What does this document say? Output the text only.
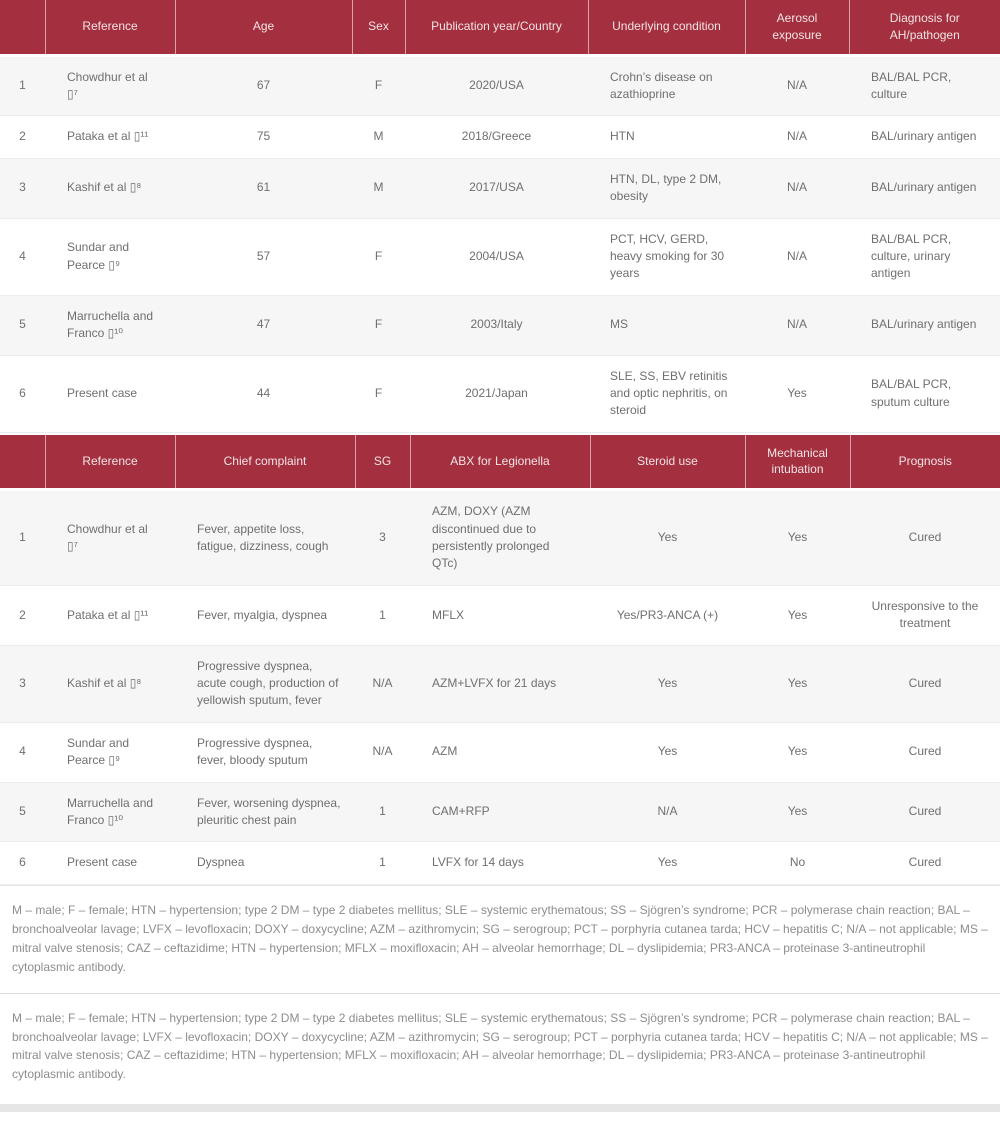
	Reference	Age	Sex	Publication year/Country	Underlying condition	Aerosol exposure	Diagnosis for AH/pathogen
1	Chowdhur et al ▯⁷	67	F	2020/USA	Crohn’s disease on azathioprine	N/A	BAL/BAL PCR, culture
2	Pataka et al ▯¹¹	75	M	2018/Greece	HTN	N/A	BAL/urinary antigen
3	Kashif et al ▯⁸	61	M	2017/USA	HTN, DL, type 2 DM, obesity	N/A	BAL/urinary antigen
4	Sundar and Pearce ▯⁹	57	F	2004/USA	PCT, HCV, GERD, heavy smoking for 30 years	N/A	BAL/BAL PCR, culture, urinary antigen
5	Marruchella and Franco ▯¹⁰	47	F	2003/Italy	MS	N/A	BAL/urinary antigen
6	Present case	44	F	2021/Japan	SLE, SS, EBV retinitis and optic nephritis, on steroid	Yes	BAL/BAL PCR, sputum culture
	Reference	Chief complaint	SG	ABX for Legionella	Steroid use	Mechanical intubation	Prognosis
1	Chowdhur et al ▯⁷	Fever, appetite loss, fatigue, dizziness, cough	3	AZM, DOXY (AZM discontinued due to persistently prolonged QTc)	Yes	Yes	Cured
2	Pataka et al ▯¹¹	Fever, myalgia, dyspnea	1	MFLX	Yes/PR3-ANCA (+)	Yes	Unresponsive to the treatment
3	Kashif et al ▯⁸	Progressive dyspnea, acute cough, production of yellowish sputum, fever	N/A	AZM+LVFX for 21 days	Yes	Yes	Cured
4	Sundar and Pearce ▯⁹	Progressive dyspnea, fever, bloody sputum	N/A	AZM	Yes	Yes	Cured
5	Marruchella and Franco ▯¹⁰	Fever, worsening dyspnea, pleuritic chest pain	1	CAM+RFP	N/A	Yes	Cured
6	Present case	Dyspnea	1	LVFX for 14 days	Yes	No	Cured

M – male; F – female; HTN – hypertension; type 2 DM – type 2 diabetes mellitus; SLE – systemic erythematous; SS – Sjögren’s syndrome; PCR – polymerase chain reaction; BAL – bronchoalveolar lavage; LVFX – levofloxacin; DOXY – doxycycline; AZM – azithromycin; SG – serogroup; PCT – porphyria cutanea tarda; HCV – hepatitis C; N/A – not applicable; MS – mitral valve stenosis; CAZ – ceftazidime; HTN – hypertension; MFLX – moxifloxacin; AH – alveolar hemorrhage; DL – dyslipidemia; PR3-ANCA – proteinase 3-antineutrophil cytoplasmic antibody.

M – male; F – female; HTN – hypertension; type 2 DM – type 2 diabetes mellitus; SLE – systemic erythematous; SS – Sjögren’s syndrome; PCR – polymerase chain reaction; BAL – bronchoalveolar lavage; LVFX – levofloxacin; DOXY – doxycycline; AZM – azithromycin; SG – serogroup; PCT – porphyria cutanea tarda; HCV – hepatitis C; N/A – not applicable; MS – mitral valve stenosis; CAZ – ceftazidime; HTN – hypertension; MFLX – moxifloxacin; AH – alveolar hemorrhage; DL – dyslipidemia; PR3-ANCA – proteinase 3-antineutrophil cytoplasmic antibody.
